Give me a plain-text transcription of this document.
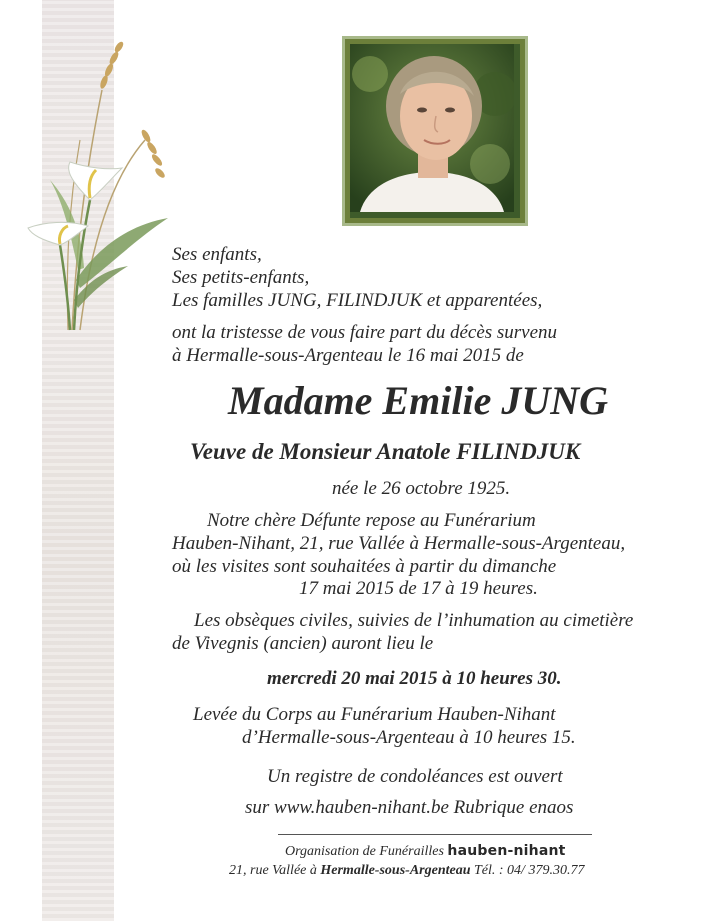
Ses enfants,
Ses petits-enfants,
Les familles JUNG, FILINDJUK et apparentées,
ont la tristesse de vous faire part du décès survenu
à Hermalle-sous-Argenteau le 16 mai 2015 de
Madame Emilie JUNG
Veuve de Monsieur Anatole FILINDJUK
née le 26 octobre 1925.
Notre chère Défunte repose au Funérarium
Hauben-Nihant, 21, rue Vallée à Hermalle-sous-Argenteau,
où les visites sont souhaitées à partir du dimanche
17 mai 2015 de 17 à 19 heures.
Les obsèques civiles, suivies de l’inhumation au cimetière
de Vivegnis (ancien) auront lieu le
mercredi 20 mai 2015 à 10 heures 30.
Levée du Corps au Funérarium Hauben-Nihant
d’Hermalle-sous-Argenteau à 10 heures 15.
Un registre de condoléances est ouvert
sur www.hauben-nihant.be Rubrique enaos
Organisation de Funérailles hauben-nihant
21, rue Vallée à Hermalle-sous-Argenteau Tél. : 04/ 379.30.77
